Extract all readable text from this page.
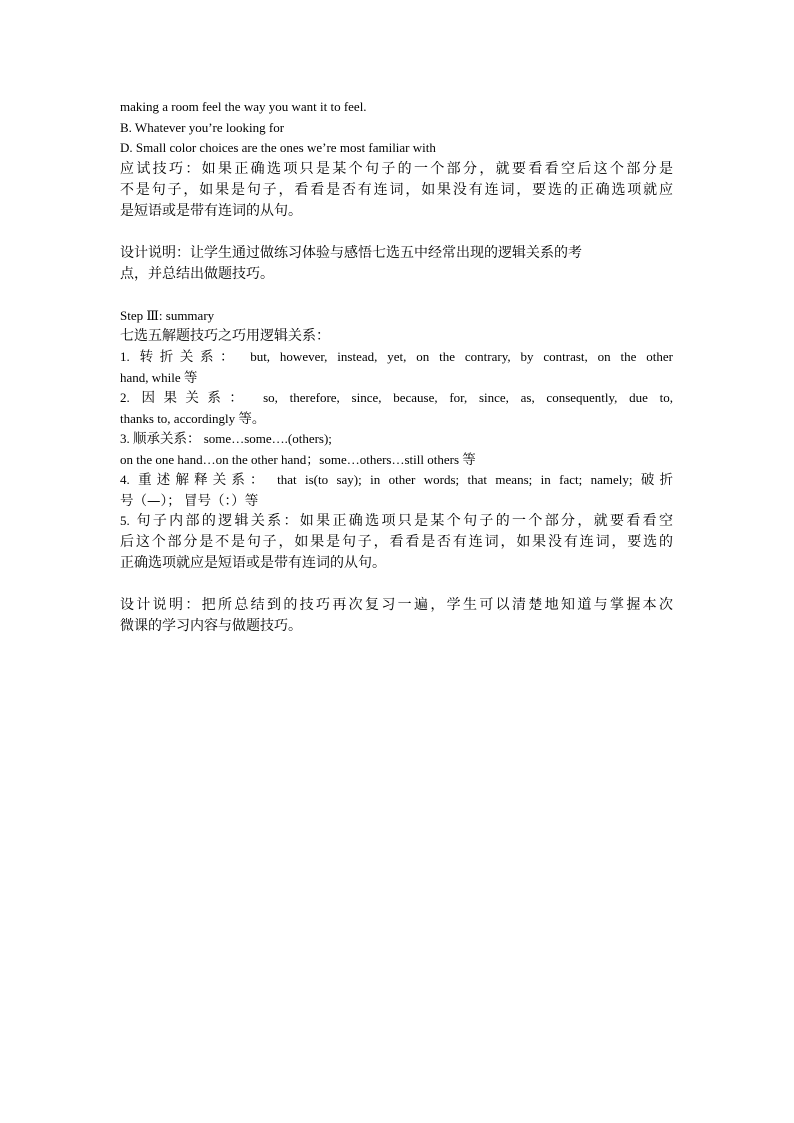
making a room feel the way you want it to feel.
B. Whatever you’re looking for
D. Small color choices are the ones we’re most familiar with
应试技巧：如果正确选项只是某个句子的一个部分，就要看看空后这个部分是
不是句子，如果是句子，看看是否有连词，如果没有连词，要选的正确选项就应
是短语或是带有连词的从句。
设计说明：让学生通过做练习体验与感悟七选五中经常出现的逻辑关系的考
点，并总结出做题技巧。
Step Ⅲ: summary
七选五解题技巧之巧用逻辑关系：
1. 转折关系： but, however, instead, yet, on the contrary, by contrast, on the other
hand, while 等
2. 因果关系： so, therefore, since, because, for, since, as, consequently, due to,
thanks to, accordingly 等。
3. 顺承关系： some…some….(others);
on the one hand…on the other hand；some…others…still others 等
4. 重述解释关系： that is(to say); in other words; that means; in fact; namely; 破折
号（—）； 冒号（：）等
5. 句子内部的逻辑关系：如果正确选项只是某个句子的一个部分，就要看看空
后这个部分是不是句子，如果是句子，看看是否有连词，如果没有连词，要选的
正确选项就应是短语或是带有连词的从句。
设计说明：把所总结到的技巧再次复习一遍，学生可以清楚地知道与掌握本次
微课的学习内容与做题技巧。
